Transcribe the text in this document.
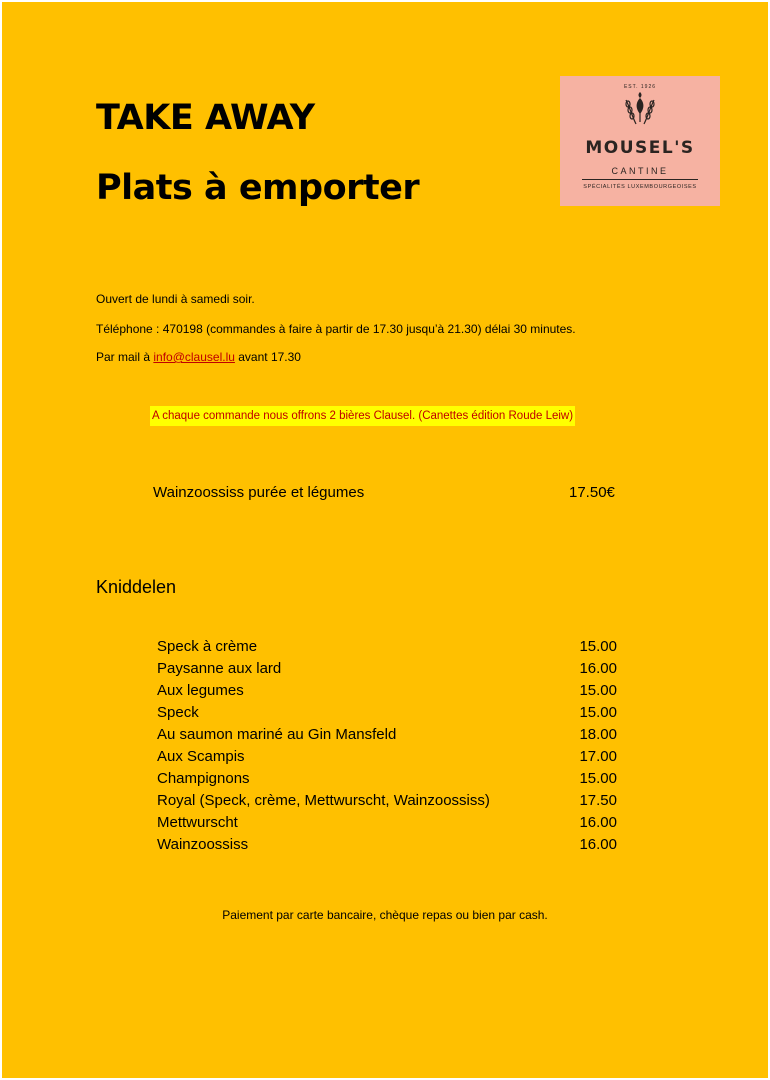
TAKE AWAY
Plats à emporter
EST. 1926
MOUSEL'S
CANTINE
SPÉCIALITÉS LUXEMBOURGEOISES

Ouvert de lundi à samedi soir.

Téléphone : 470198 (commandes à faire à partir de 17.30 jusqu’à 21.30) délai 30 minutes.

Par mail à info@clausel.lu avant 17.30

A chaque commande nous offrons 2 bières Clausel. (Canettes édition Roude Leiw)
Wainzoossiss purée et légumes	17.50€
Kniddelen
Speck à crème	15.00
Paysanne aux lard	16.00
Aux legumes	15.00
Speck	15.00
Au saumon mariné au Gin Mansfeld	18.00
Aux Scampis	17.00
Champignons	15.00
Royal (Speck, crème, Mettwurscht, Wainzoossiss)	17.50
Mettwurscht	16.00
Wainzoossiss	16.00
Paiement par carte bancaire, chèque repas ou bien par cash.
